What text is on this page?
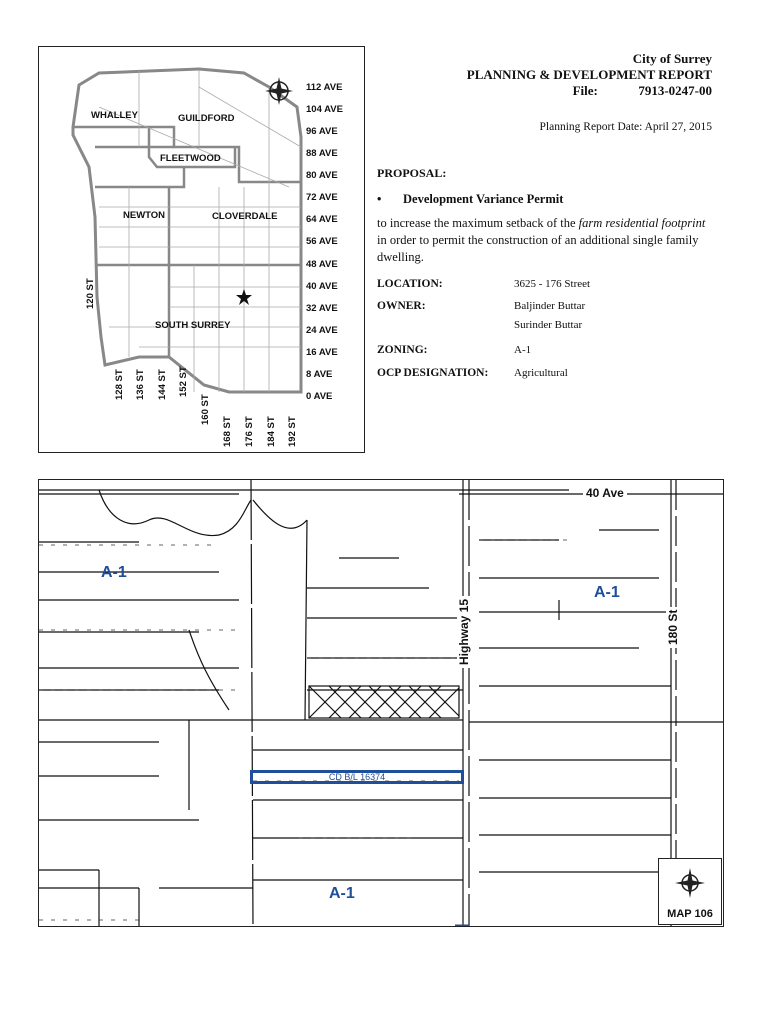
City of Surrey
PLANNING & DEVELOPMENT REPORT
File:	7913-0247-00
Planning Report Date: April 27, 2015
PROPOSAL:
• Development Variance Permit
to increase the maximum setback of the farm residential footprint in order to permit the construction of an additional single family dwelling.
LOCATION:	3625 - 176 Street
OWNER:	Baljinder Buttar
Surinder Buttar
ZONING:	A-1
OCP DESIGNATION: Agricultural
WHALLEY	GUILDFORD
FLEETWOOD
NEWTON	CLOVERDALE
SOUTH SURREY
112 AVE
104 AVE
96 AVE
88 AVE
80 AVE
72 AVE
64 AVE
56 AVE
48 AVE
40 AVE
32 AVE
24 AVE
16 AVE
8 AVE
0 AVE
120 ST
128 ST 136 ST 144 ST 152 ST
160 ST
168 ST 176 ST 184 ST 192 ST
A-1
A-1
A-1
40 Ave
Highway 15	180 St
CD B/L 16374
MAP 106
